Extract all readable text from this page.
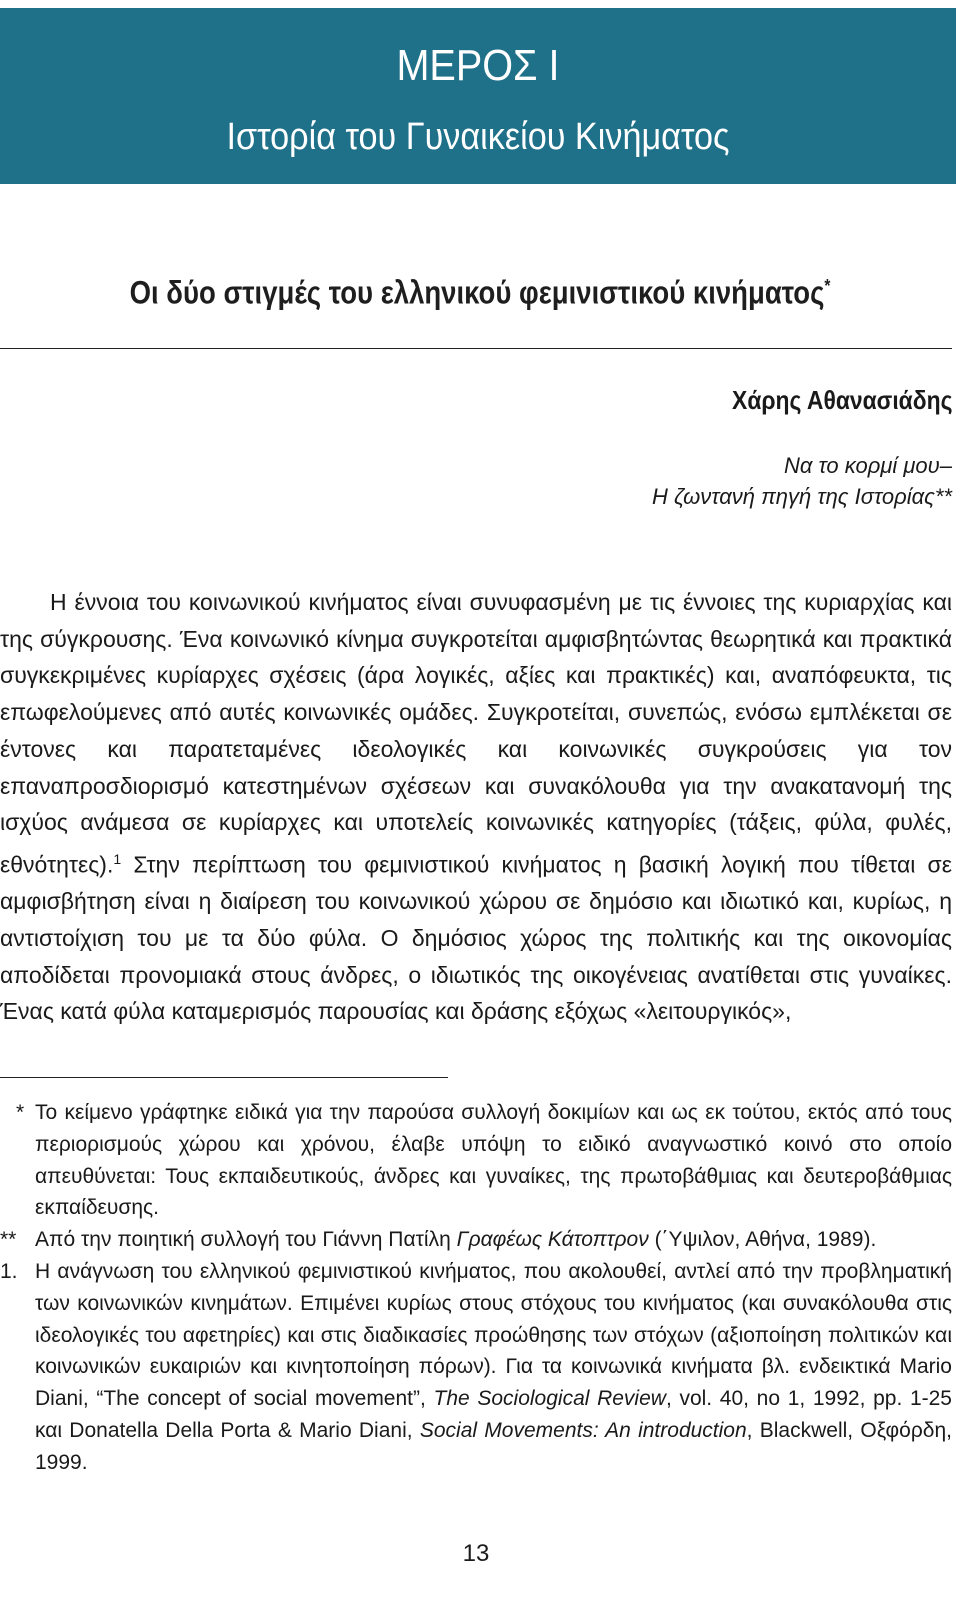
ΜΕΡΟΣ Ι
Ιστορία του Γυναικείου Κινήματος
Οι δύο στιγμές του ελληνικού φεμινιστικού κινήματος*
Χάρης Αθανασιάδης
Να το κορμί μου–
Η ζωντανή πηγή της Ιστορίας**
Η έννοια του κοινωνικού κινήματος είναι συνυφασμένη με τις έννοιες της κυριαρχίας και της σύγκρουσης. Ένα κοινωνικό κίνημα συγκροτείται αμφισβητώντας θεωρητικά και πρακτικά συγκεκριμένες κυρίαρχες σχέσεις (άρα λογικές, αξίες και πρακτικές) και, αναπόφευκτα, τις επωφελούμενες από αυτές κοινωνικές ομάδες. Συγκροτείται, συνεπώς, ενόσω εμπλέκεται σε έντονες και παρατεταμένες ιδεολογικές και κοινωνικές συγκρούσεις για τον επαναπροσδιορισμό κατεστημένων σχέσεων και συνακόλουθα για την ανακατανομή της ισχύος ανάμεσα σε κυρίαρχες και υποτελείς κοινωνικές κατηγορίες (τάξεις, φύλα, φυλές, εθνότητες).$^1$ Στην περίπτωση του φεμινιστικού κινήματος η βασική λογική που τίθεται σε αμφισβήτηση είναι η διαίρεση του κοινωνικού χώρου σε δημόσιο και ιδιωτικό και, κυρίως, η αντιστοίχιση του με τα δύο φύλα. Ο δημόσιος χώρος της πολιτικής και της οικονομίας αποδίδεται προνομιακά στους άνδρες, ο ιδιωτικός της οικογένειας ανατίθεται στις γυναίκες. Ένας κατά φύλα καταμερισμός παρουσίας και δράσης εξόχως «λειτουργικός»,
* Το κείμενο γράφτηκε ειδικά για την παρούσα συλλογή δοκιμίων και ως εκ τούτου, εκτός από τους περιορισμούς χώρου και χρόνου, έλαβε υπόψη το ειδικό αναγνωστικό κοινό στο οποίο απευθύνεται: Τους εκπαιδευτικούς, άνδρες και γυναίκες, της πρωτοβάθμιας και δευτεροβάθμιας εκπαίδευσης.
** Από την ποιητική συλλογή του Γιάννη Πατίλη Γραφέως Κάτοπτρον (΄Υψιλον, Αθήνα, 1989).
1. Η ανάγνωση του ελληνικού φεμινιστικού κινήματος, που ακολουθεί, αντλεί από την προβληματική των κοινωνικών κινημάτων. Επιμένει κυρίως στους στόχους του κινήματος (και συνακόλουθα στις ιδεολογικές του αφετηρίες) και στις διαδικασίες προώθησης των στόχων (αξιοποίηση πολιτικών και κοινωνικών ευκαιριών και κινητοποίηση πόρων). Για τα κοινωνικά κινήματα βλ. ενδεικτικά Mario Diani, “The concept of social movement”, The Sociological Review, vol. 40, no 1, 1992, pp. 1-25 και Donatella Della Porta & Mario Diani, Social Movements: An introduction, Blackwell, Οξφόρδη, 1999.
13
